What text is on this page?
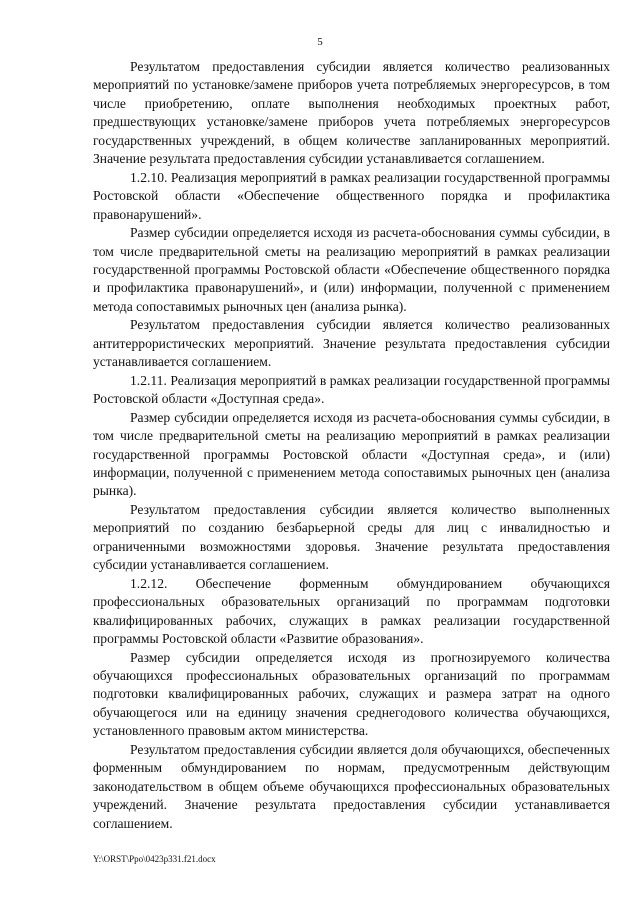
5

Результатом предоставления субсидии является количество реализованных мероприятий по установке/замене приборов учета потребляемых энергоресурсов, в том числе приобретению, оплате выполнения необходимых проектных работ, предшествующих установке/замене приборов учета потребляемых энергоресурсов государственных учреждений, в общем количестве запланированных мероприятий. Значение результата предоставления субсидии устанавливается соглашением.

1.2.10. Реализация мероприятий в рамках реализации государственной программы Ростовской области «Обеспечение общественного порядка и профилактика правонарушений».

Размер субсидии определяется исходя из расчета-обоснования суммы субсидии, в том числе предварительной сметы на реализацию мероприятий в рамках реализации государственной программы Ростовской области «Обеспечение общественного порядка и профилактика правонарушений», и (или) информации, полученной с применением метода сопоставимых рыночных цен (анализа рынка).

Результатом предоставления субсидии является количество реализованных антитеррористических мероприятий. Значение результата предоставления субсидии устанавливается соглашением.

1.2.11. Реализация мероприятий в рамках реализации государственной программы Ростовской области «Доступная среда».

Размер субсидии определяется исходя из расчета-обоснования суммы субсидии, в том числе предварительной сметы на реализацию мероприятий в рамках реализации государственной программы Ростовской области «Доступная среда», и (или) информации, полученной с применением метода сопоставимых рыночных цен (анализа рынка).

Результатом предоставления субсидии является количество выполненных мероприятий по созданию безбарьерной среды для лиц с инвалидностью и ограниченными возможностями здоровья. Значение результата предоставления субсидии устанавливается соглашением.

1.2.12. Обеспечение форменным обмундированием обучающихся профессиональных образовательных организаций по программам подготовки квалифицированных рабочих, служащих в рамках реализации государственной программы Ростовской области «Развитие образования».

Размер субсидии определяется исходя из прогнозируемого количества обучающихся профессиональных образовательных организаций по программам подготовки квалифицированных рабочих, служащих и размера затрат на одного обучающегося или на единицу значения среднегодового количества обучающихся, установленного правовым актом министерства.

Результатом предоставления субсидии является доля обучающихся, обеспеченных форменным обмундированием по нормам, предусмотренным действующим законодательством в общем объеме обучающихся профессиональных образовательных учреждений. Значение результата предоставления субсидии устанавливается соглашением.

Y:\ORST\Ppo\0423p331.f21.docx
